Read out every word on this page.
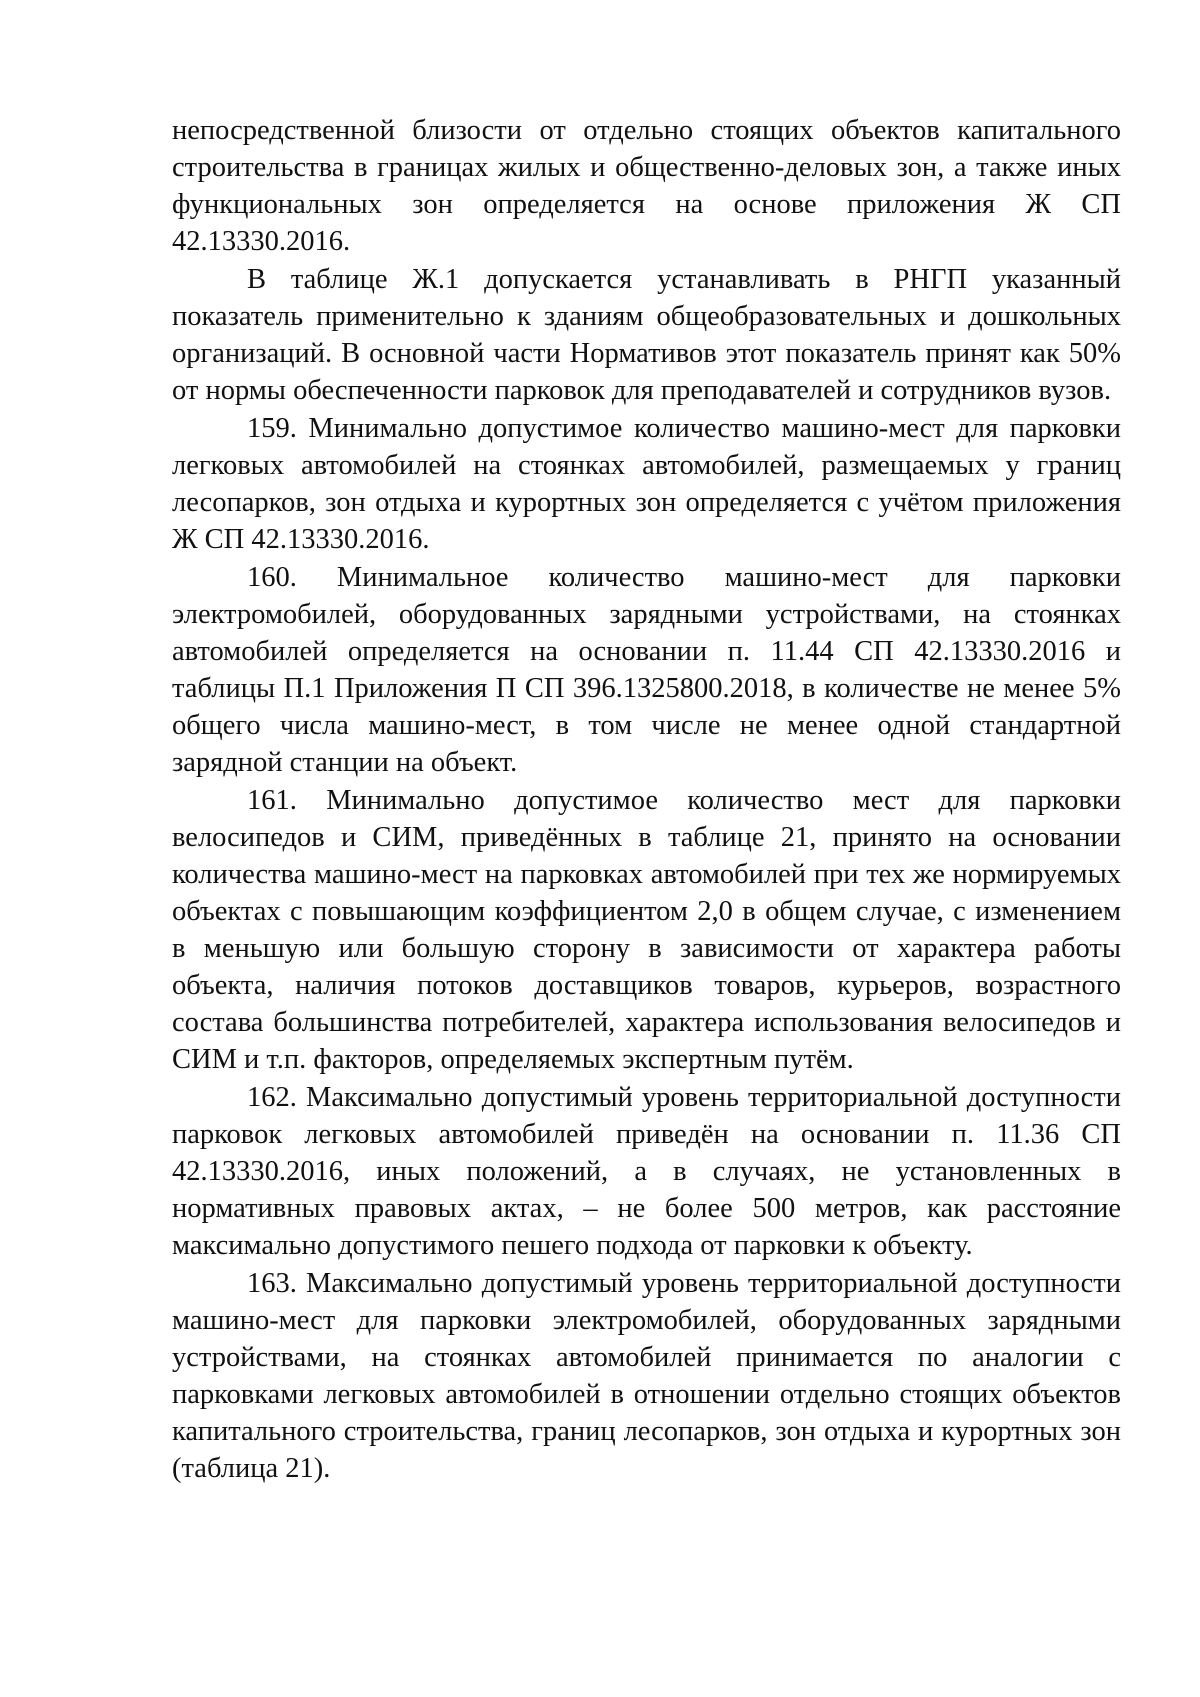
непосредственной близости от отдельно стоящих объектов капитального строительства в границах жилых и общественно-деловых зон, а также иных функциональных зон определяется на основе приложения Ж СП 42.13330.2016.

В таблице Ж.1 допускается устанавливать в РНГП указанный показатель применительно к зданиям общеобразовательных и дошкольных организаций. В основной части Нормативов этот показатель принят как 50% от нормы обеспеченности парковок для преподавателей и сотрудников вузов.

159. Минимально допустимое количество машино-мест для парковки легковых автомобилей на стоянках автомобилей, размещаемых у границ лесопарков, зон отдыха и курортных зон определяется с учётом приложения Ж СП 42.13330.2016.

160. Минимальное количество машино-мест для парковки электромобилей, оборудованных зарядными устройствами, на стоянках автомобилей определяется на основании п. 11.44 СП 42.13330.2016 и таблицы П.1 Приложения П СП 396.1325800.2018, в количестве не менее 5% общего числа машино-мест, в том числе не менее одной стандартной зарядной станции на объект.

161. Минимально допустимое количество мест для парковки велосипедов и СИМ, приведённых в таблице 21, принято на основании количества машино-мест на парковках автомобилей при тех же нормируемых объектах с повышающим коэффициентом 2,0 в общем случае, с изменением в меньшую или большую сторону в зависимости от характера работы объекта, наличия потоков доставщиков товаров, курьеров, возрастного состава большинства потребителей, характера использования велосипедов и СИМ и т.п. факторов, определяемых экспертным путём.

162. Максимально допустимый уровень территориальной доступности парковок легковых автомобилей приведён на основании п. 11.36 СП 42.13330.2016, иных положений, а в случаях, не установленных в нормативных правовых актах, – не более 500 метров, как расстояние максимально допустимого пешего подхода от парковки к объекту.

163. Максимально допустимый уровень территориальной доступности машино-мест для парковки электромобилей, оборудованных зарядными устройствами, на стоянках автомобилей принимается по аналогии с парковками легковых автомобилей в отношении отдельно стоящих объектов капитального строительства, границ лесопарков, зон отдыха и курортных зон (таблица 21).
